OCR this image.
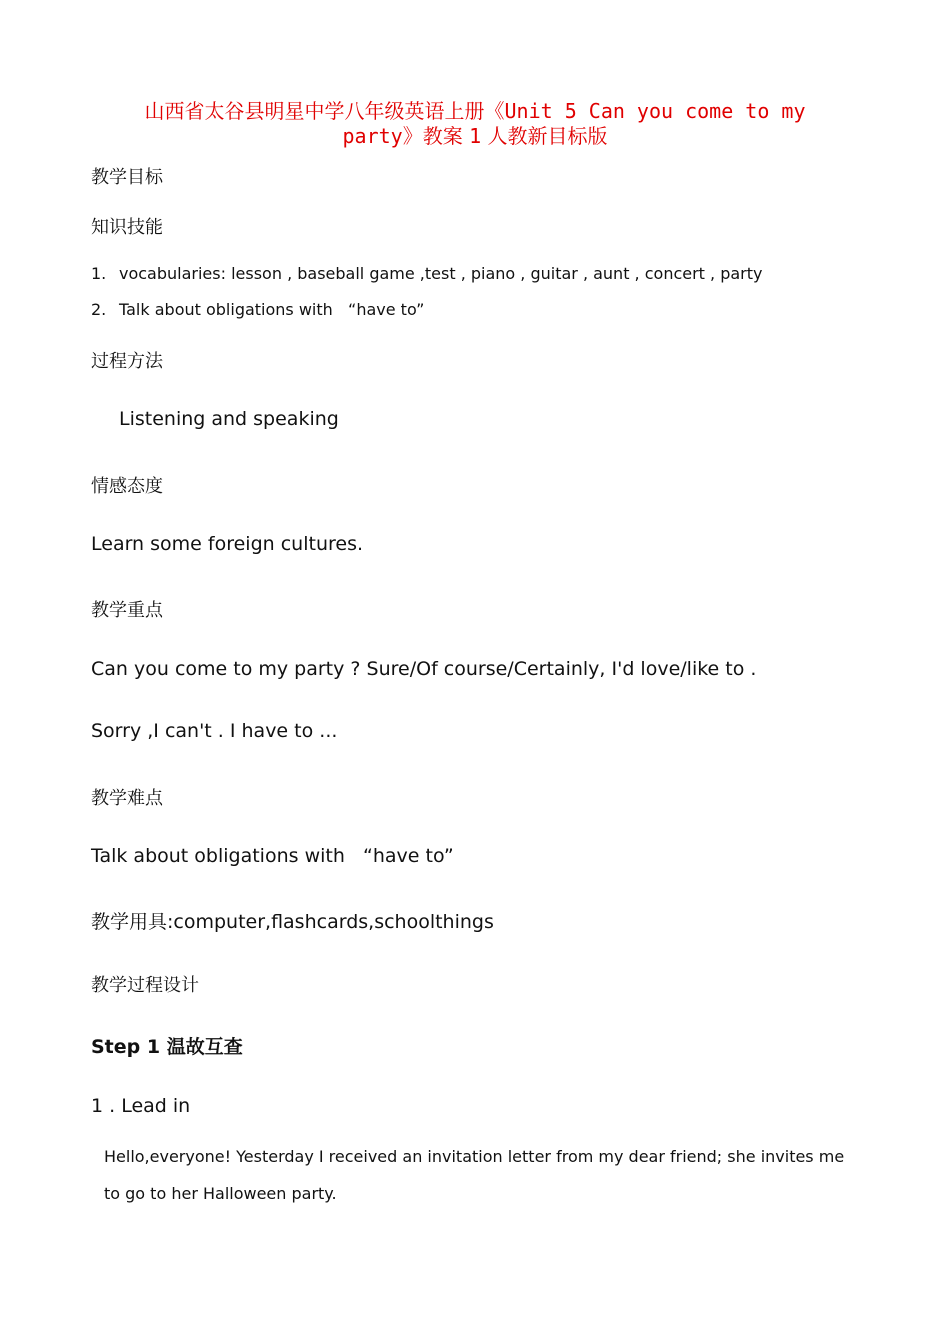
山西省太谷县明星中学八年级英语上册《Unit 5 Can you come to my
party》教案 1 人教新目标版
教学目标
知识技能
1. vocabularies: lesson , baseball game ,test , piano , guitar , aunt , concert , party
2. Talk about obligations with   “have to”
过程方法
Listening and speaking
情感态度
Learn some foreign cultures.
教学重点
Can you come to my party ? Sure/Of course/Certainly, I'd love/like to .
Sorry ,I can't . I have to ...
教学难点
Talk about obligations with   “have to”
教学用具:computer,flashcards,schoolthings
教学过程设计
Step 1 温故互查
1 . Lead in
Hello,everyone! Yesterday I received an invitation letter from my dear friend; she invites me to go to her Halloween party.
